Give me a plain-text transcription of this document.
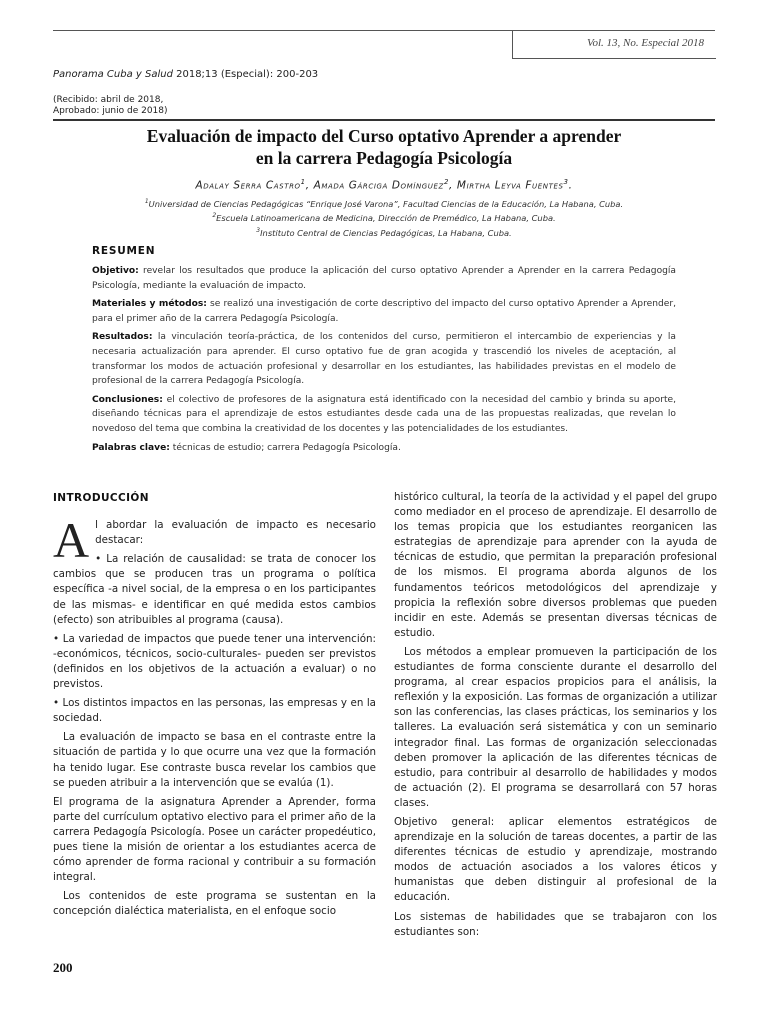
Vol. 13, No. Especial 2018
Panorama Cuba y Salud 2018;13 (Especial): 200-203
(Recibido: abril de 2018,
Aprobado: junio de 2018)
Evaluación de impacto del Curso optativo Aprender a aprender
en la carrera Pedagogía Psicología
Adalay Serra Castro$^1$, Amada Gárciga Domínguez$^2$, Mirtha Leyva Fuentes$^3$.
$^1$Universidad de Ciencias Pedagógicas “Enrique José Varona”, Facultad Ciencias de la Educación, La Habana, Cuba.
$^2$Escuela Latinoamericana de Medicina, Dirección de Premédico, La Habana, Cuba.
$^3$Instituto Central de Ciencias Pedagógicas, La Habana, Cuba.
RESUMEN

Objetivo: revelar los resultados que produce la aplicación del curso optativo Aprender a Aprender en la carrera Pedagogía Psicología, mediante la evaluación de impacto.

Materiales y métodos: se realizó una investigación de corte descriptivo del impacto del curso optativo Aprender a Aprender, para el primer año de la carrera Pedagogía Psicología.

Resultados: la vinculación teoría-práctica, de los contenidos del curso, permitieron el intercambio de experiencias y la necesaria actualización para aprender. El curso optativo fue de gran acogida y trascendió los niveles de aceptación, al transformar los modos de actuación profesional y desarrollar en los estudiantes, las habilidades previstas en el modelo de profesional de la carrera Pedagogía Psicología.

Conclusiones: el colectivo de profesores de la asignatura está identificado con la necesidad del cambio y brinda su aporte, diseñando técnicas para el aprendizaje de estos estudiantes desde cada una de las propuestas realizadas, que revelan lo novedoso del tema que combina la creatividad de los docentes y las potencialidades de los estudiantes.

Palabras clave: técnicas de estudio; carrera Pedagogía Psicología.

INTRODUCCIÓN

Al abordar la evaluación de impacto es necesario destacar:

• La relación de causalidad: se trata de conocer los cambios que se producen tras un programa o política específica -a nivel social, de la empresa o en los participantes de las mismas- e identificar en qué medida estos cambios (efecto) son atribuibles al programa (causa).

• La variedad de impactos que puede tener una intervención: -económicos, técnicos, socio-culturales- pueden ser previstos (definidos en los objetivos de la actuación a evaluar) o no previstos.

• Los distintos impactos en las personas, las empresas y en la sociedad.

La evaluación de impacto se basa en el contraste entre la situación de partida y lo que ocurre una vez que la formación ha tenido lugar. Ese contraste busca revelar los cambios que se pueden atribuir a la intervención que se evalúa (1).

El programa de la asignatura Aprender a Aprender, forma parte del currículum optativo electivo para el primer año de la carrera Pedagogía Psicología. Posee un carácter propedéutico, pues tiene la misión de orientar a los estudiantes acerca de cómo aprender de forma racional y contribuir a su formación integral.

Los contenidos de este programa se sustentan en la concepción dialéctica materialista, en el enfoque socio

histórico cultural, la teoría de la actividad y el papel del grupo como mediador en el proceso de aprendizaje. El desarrollo de los temas propicia que los estudiantes reorganicen las estrategias de aprendizaje para aprender con la ayuda de técnicas de estudio, que permitan la preparación profesional de los mismos. El programa aborda algunos de los fundamentos teóricos metodológicos del aprendizaje y propicia la reflexión sobre diversos problemas que pueden incidir en este. Además se presentan diversas técnicas de estudio.

Los métodos a emplear promueven la participación de los estudiantes de forma consciente durante el desarrollo del programa, al crear espacios propicios para el análisis, la reflexión y la exposición. Las formas de organización a utilizar son las conferencias, las clases prácticas, los seminarios y los talleres. La evaluación será sistemática y con un seminario integrador final. Las formas de organización seleccionadas deben promover la aplicación de las diferentes técnicas de estudio, para contribuir al desarrollo de habilidades y modos de actuación (2). El programa se desarrollará con 57 horas clases.

Objetivo general: aplicar elementos estratégicos de aprendizaje en la solución de tareas docentes, a partir de las diferentes técnicas de estudio y aprendizaje, mostrando modos de actuación asociados a los valores éticos y humanistas que deben distinguir al profesional de la educación.

Los sistemas de habilidades que se trabajaron con los estudiantes son:

200
